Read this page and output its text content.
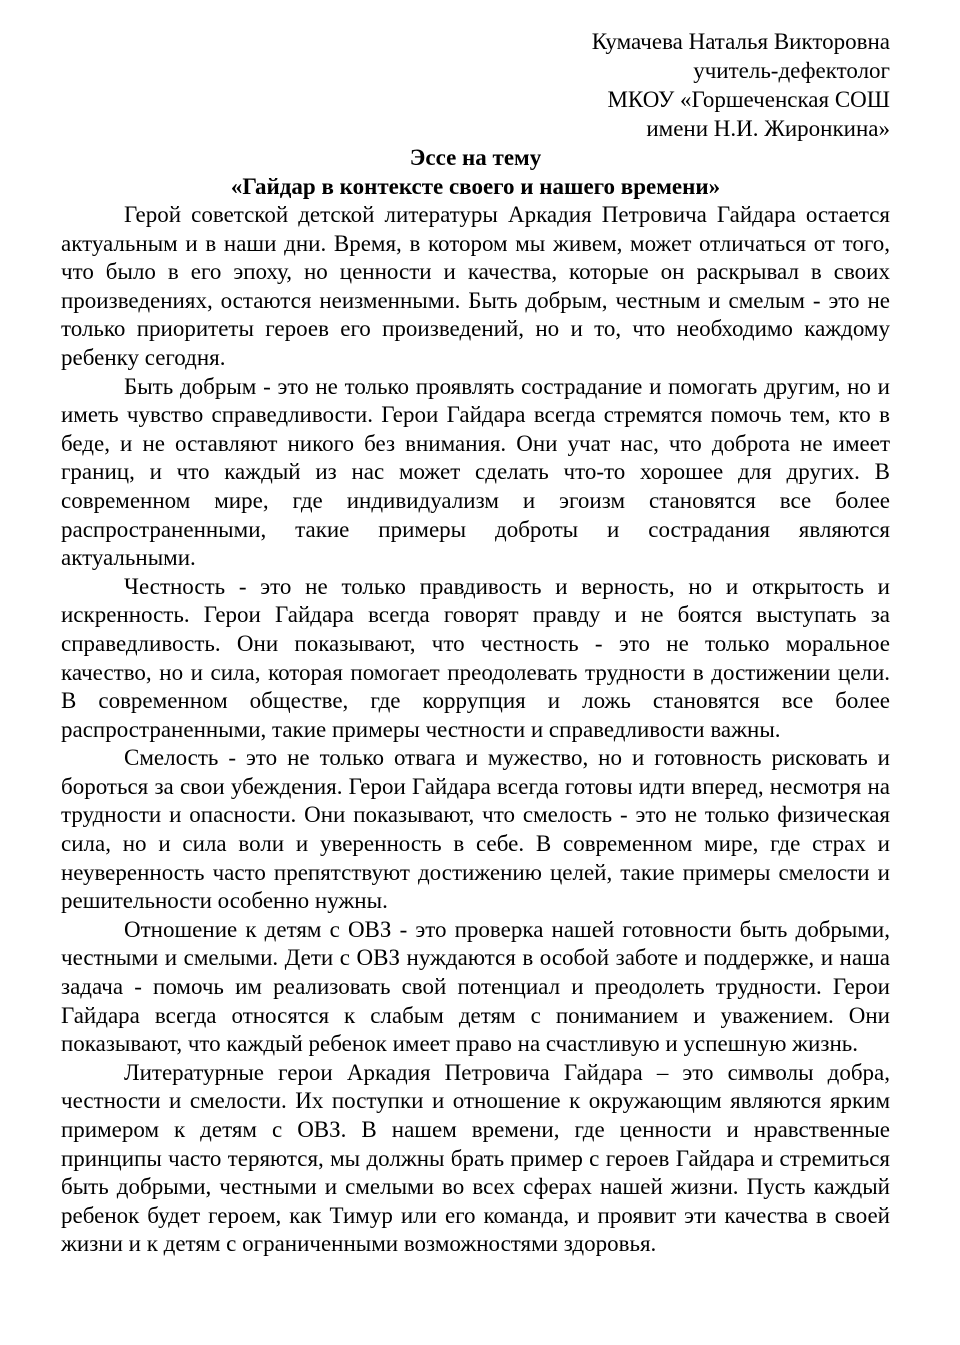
Кумачева Наталья Викторовна
учитель-дефектолог
МКОУ «Горшеченская СОШ
имени Н.И. Жиронкина»
Эссе на тему
«Гайдар в контексте своего и нашего времени»

Герой советской детской литературы Аркадия Петровича Гайдара остается актуальным и в наши дни. Время, в котором мы живем, может отличаться от того, что было в его эпоху, но ценности и качества, которые он раскрывал в своих произведениях, остаются неизменными. Быть добрым, честным и смелым - это не только приоритеты героев его произведений, но и то, что необходимо каждому ребенку сегодня.

Быть добрым - это не только проявлять сострадание и помогать другим, но и иметь чувство справедливости. Герои Гайдара всегда стремятся помочь тем, кто в беде, и не оставляют никого без внимания. Они учат нас, что доброта не имеет границ, и что каждый из нас может сделать что-то хорошее для других. В современном мире, где индивидуализм и эгоизм становятся все более распространенными, такие примеры доброты и сострадания являются актуальными.

Честность - это не только правдивость и верность, но и открытость и искренность. Герои Гайдара всегда говорят правду и не боятся выступать за справедливость. Они показывают, что честность - это не только моральное качество, но и сила, которая помогает преодолевать трудности в достижении цели. В современном обществе, где коррупция и ложь становятся все более распространенными, такие примеры честности и справедливости важны.

Смелость - это не только отвага и мужество, но и готовность рисковать и бороться за свои убеждения. Герои Гайдара всегда готовы идти вперед, несмотря на трудности и опасности. Они показывают, что смелость - это не только физическая сила, но и сила воли и уверенность в себе. В современном мире, где страх и неуверенность часто препятствуют достижению целей, такие примеры смелости и решительности особенно нужны.

Отношение к детям с ОВЗ - это проверка нашей готовности быть добрыми, честными и смелыми. Дети с ОВЗ нуждаются в особой заботе и поддержке, и наша задача - помочь им реализовать свой потенциал и преодолеть трудности. Герои Гайдара всегда относятся к слабым детям с пониманием и уважением. Они показывают, что каждый ребенок имеет право на счастливую и успешную жизнь.

Литературные герои Аркадия Петровича Гайдара – это символы добра, честности и смелости. Их поступки и отношение к окружающим являются ярким примером к детям с ОВЗ. В нашем времени, где ценности и нравственные принципы часто теряются, мы должны брать пример с героев Гайдара и стремиться быть добрыми, честными и смелыми во всех сферах нашей жизни. Пусть каждый ребенок будет героем, как Тимур или его команда, и проявит эти качества в своей жизни и к детям с ограниченными возможностями здоровья.
